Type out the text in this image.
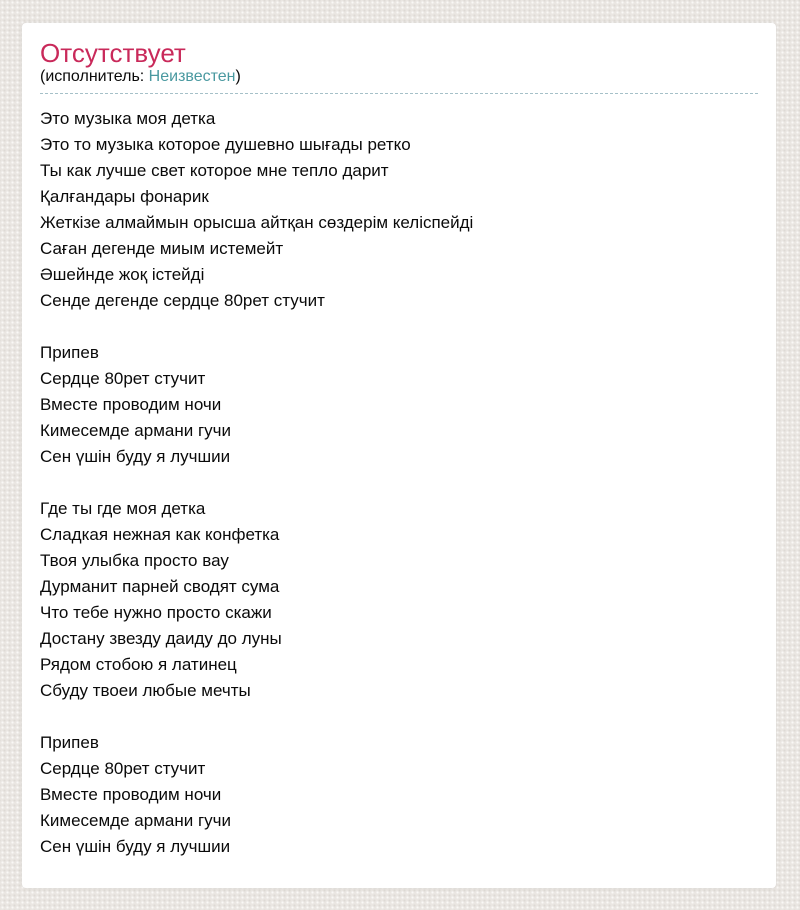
Отсутствует

(исполнитель: Неизвестен)

Это музыка моя детка
Это то музыка которое душевно шығады ретко
Ты как лучше свет которое мне тепло дарит
Қалғандары фонарик
Жеткізе алмаймын орысша айтқан сөздерім келіспейді
Саған дегенде миым истемейт
Әшейнде жоқ істейді
Сенде дегенде сердце 80рет стучит
Припев
Сердце 80рет стучит
Вместе проводим ночи
Кимесемде армани гучи
Сен үшін буду я лучшии
Где ты где моя детка
Сладкая нежная как конфетка
Твоя улыбка просто вау
Дурманит парней сводят сума
Что тебе нужно просто скажи
Достану звезду даиду до луны
Рядом стобою я латинец
Сбуду твоеи любые мечты
Припев
Сердце 80рет стучит
Вместе проводим ночи
Кимесемде армани гучи
Сен үшін буду я лучшии
